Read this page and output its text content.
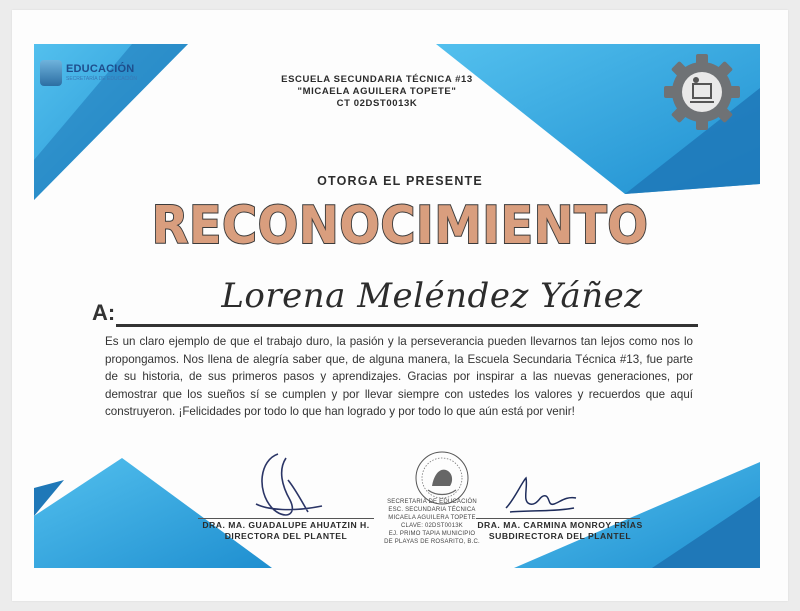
EDUCACIÓN
SECRETARÍA DE EDUCACIÓN	ESCUELA SECUNDARIA TÉCNICA #13
"MICAELA AGUILERA TOPETE"
CT 02DST0013K
OTORGA EL PRESENTE
RECONOCIMIENTO
A:	Lorena Meléndez Yáñez
Es un claro ejemplo de que el trabajo duro, la pasión y la perseverancia pueden llevarnos tan lejos como nos lo propongamos. Nos llena de alegría saber que, de alguna manera, la Escuela Secundaria Técnica #13, fue parte de su historia, de sus primeros pasos y aprendizajes. Gracias por inspirar a las nuevas generaciones, por demostrar que los sueños sí se cumplen y por llevar siempre con ustedes los valores y recuerdos que aquí construyeron. ¡Felicidades por todo lo que han logrado y por todo lo que aún está por venir!
DRA. MA. GUADALUPE AHUATZIN H.
DIRECTORA DEL PLANTEL
SECRETARIA DE EDUCACIÓN
ESC. SECUNDARIA TÉCNICA
MICAELA AGUILERA TOPETE
CLAVE: 02DST0013K
EJ. PRIMO TAPIA MUNICIPIO
DE PLAYAS DE ROSARITO, B.C.
DRA. MA. CARMINA MONROY FRÍAS
SUBDIRECTORA DEL PLANTEL
